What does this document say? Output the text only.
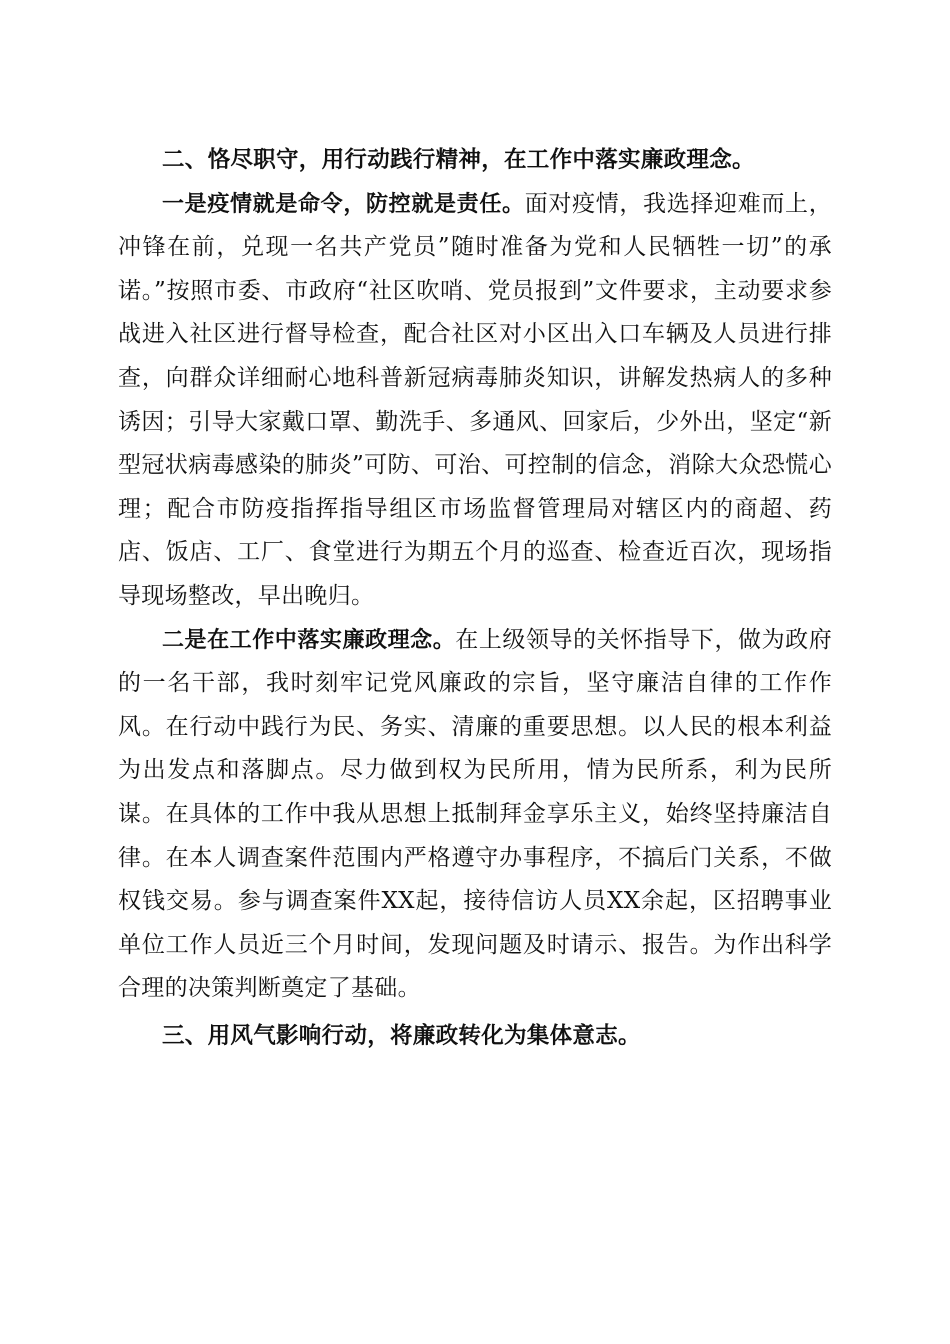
二、恪尽职守，用行动践行精神，在工作中落实廉政理念。

一是疫情就是命令，防控就是责任。面对疫情，我选择迎难而上，冲锋在前，兑现一名共产党员”随时准备为党和人民牺牲一切”的承诺。”按照市委、市政府“社区吹哨、党员报到”文件要求，主动要求参战进入社区进行督导检查，配合社区对小区出入口车辆及人员进行排查，向群众详细耐心地科普新冠病毒肺炎知识，讲解发热病人的多种诱因；引导大家戴口罩、勤洗手、多通风、回家后，少外出，坚定“新型冠状病毒感染的肺炎”可防、可治、可控制的信念，消除大众恐慌心理；配合市防疫指挥指导组区市场监督管理局对辖区内的商超、药店、饭店、工厂、食堂进行为期五个月的巡查、检查近百次，现场指导现场整改，早出晚归。

二是在工作中落实廉政理念。在上级领导的关怀指导下，做为政府的一名干部，我时刻牢记党风廉政的宗旨，坚守廉洁自律的工作作风。在行动中践行为民、务实、清廉的重要思想。以人民的根本利益为出发点和落脚点。尽力做到权为民所用，情为民所系，利为民所谋。在具体的工作中我从思想上抵制拜金享乐主义，始终坚持廉洁自律。在本人调查案件范围内严格遵守办事程序，不搞后门关系，不做权钱交易。参与调查案件XX起，接待信访人员XX余起，区招聘事业单位工作人员近三个月时间，发现问题及时请示、报告。为作出科学合理的决策判断奠定了基础。

三、用风气影响行动，将廉政转化为集体意志。
